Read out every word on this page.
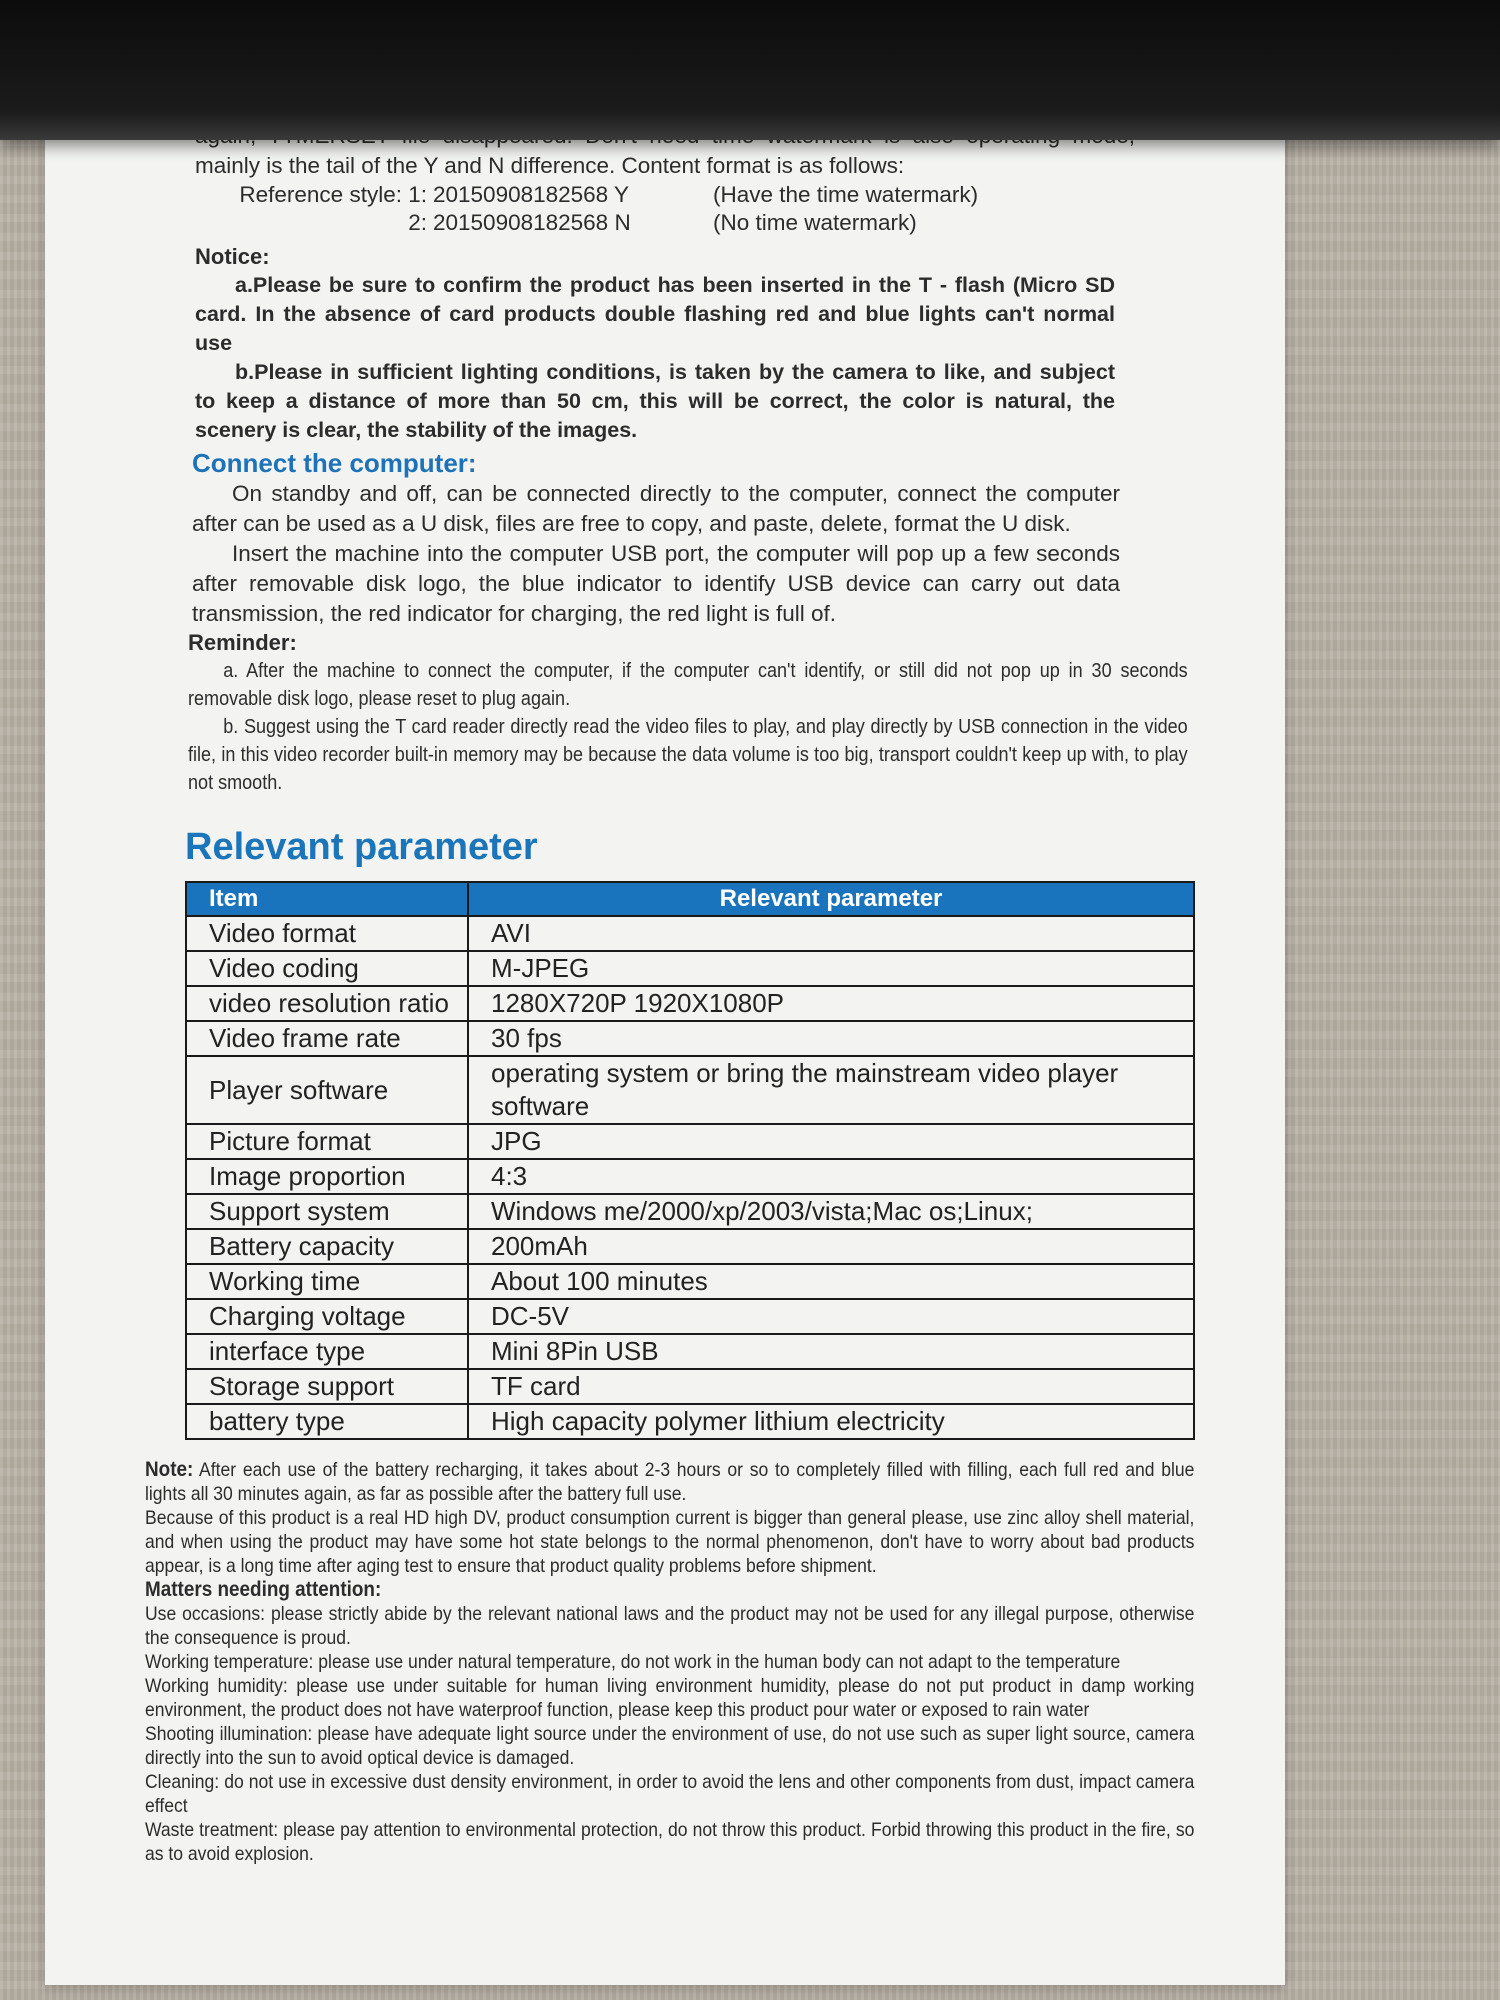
mainly is the tail of the Y and N difference. Content format is as follows:

Reference style: 1: 20150908182568 Y	(Have the time watermark)
2: 20150908182568 N	(No time watermark)
Notice:

a.Please be sure to confirm the product has been inserted in the T - flash (Micro SD card. In the absence of card products double flashing red and blue lights can't normal use

b.Please in sufficient lighting conditions, is taken by the camera to like, and subject to keep a distance of more than 50 cm, this will be correct, the color is natural, the scenery is clear, the stability of the images.

Connect the computer:

On standby and off, can be connected directly to the computer, connect the computer after can be used as a U disk, files are free to copy, and paste, delete, format the U disk.

Insert the machine into the computer USB port, the computer will pop up a few seconds after removable disk logo, the blue indicator to identify USB device can carry out data transmission, the red indicator for charging, the red light is full of.

Reminder:

a. After the machine to connect the computer, if the computer can't identify, or still did not pop up in 30 seconds removable disk logo, please reset to plug again.

b. Suggest using the T card reader directly read the video files to play, and play directly by USB connection in the video file, in this video recorder built-in memory may be because the data volume is too big, transport couldn't keep up with, to play not smooth.

Relevant parameter
Item	Relevant parameter
Video format	AVI
Video coding	M-JPEG
video resolution ratio	1280X720P 1920X1080P
Video frame rate	30 fps
Player software	operating system or bring the mainstream video player software
Picture format	JPG
Image proportion	4:3
Support system	Windows me/2000/xp/2003/vista;Mac os;Linux;
Battery capacity	200mAh
Working time	About 100 minutes
Charging voltage	DC-5V
interface type	Mini 8Pin USB
Storage support	TF card
battery type	High capacity polymer lithium electricity

Note: After each use of the battery recharging, it takes about 2-3 hours or so to completely filled with filling, each full red and blue lights all 30 minutes again, as far as possible after the battery full use.

Because of this product is a real HD high DV, product consumption current is bigger than general please, use zinc alloy shell material, and when using the product may have some hot state belongs to the normal phenomenon, don't have to worry about bad products appear, is a long time after aging test to ensure that product quality problems before shipment.

Matters needing attention:

Use occasions: please strictly abide by the relevant national laws and the product may not be used for any illegal purpose, otherwise the consequence is proud.

Working temperature: please use under natural temperature, do not work in the human body can not adapt to the temperature

Working humidity: please use under suitable for human living environment humidity, please do not put product in damp working environment, the product does not have waterproof function, please keep this product pour water or exposed to rain water

Shooting illumination: please have adequate light source under the environment of use, do not use such as super light source, camera directly into the sun to avoid optical device is damaged.

Cleaning: do not use in excessive dust density environment, in order to avoid the lens and other components from dust, impact camera effect

Waste treatment: please pay attention to environmental protection, do not throw this product. Forbid throwing this product in the fire, so as to avoid explosion.
